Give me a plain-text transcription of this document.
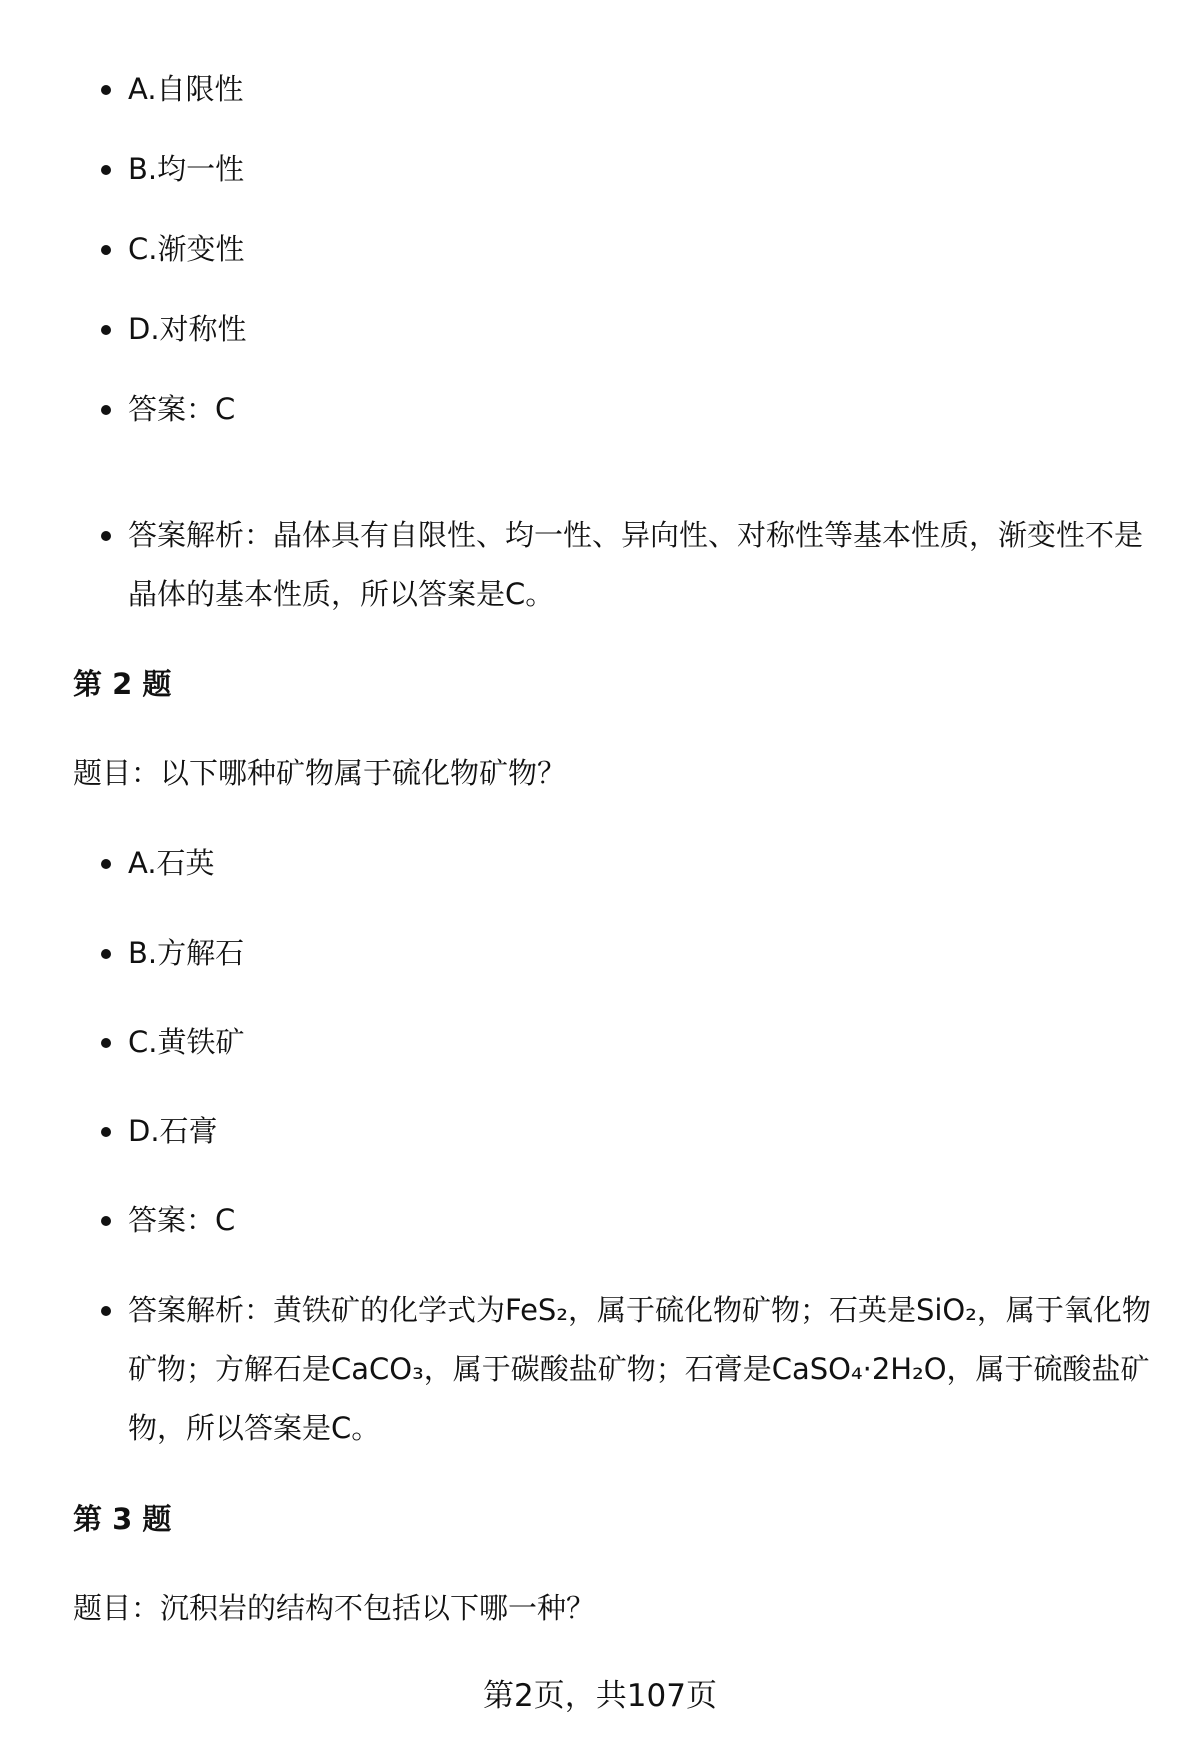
A.自限性
B.均一性
C.渐变性
D.对称性
答案：C
答案解析：晶体具有自限性、均一性、异向性、对称性等基本性质，渐变性不是晶体的基本性质，所以答案是C。
第 2 题

题目：以下哪种矿物属于硫化物矿物？

A.石英
B.方解石
C.黄铁矿
D.石膏
答案：C
答案解析：黄铁矿的化学式为FeS₂，属于硫化物矿物；石英是SiO₂，属于氧化物矿物；方解石是CaCO₃，属于碳酸盐矿物；石膏是CaSO₄·2H₂O，属于硫酸盐矿物，所以答案是C。
第 3 题

题目：沉积岩的结构不包括以下哪一种？

第2页，共107页
